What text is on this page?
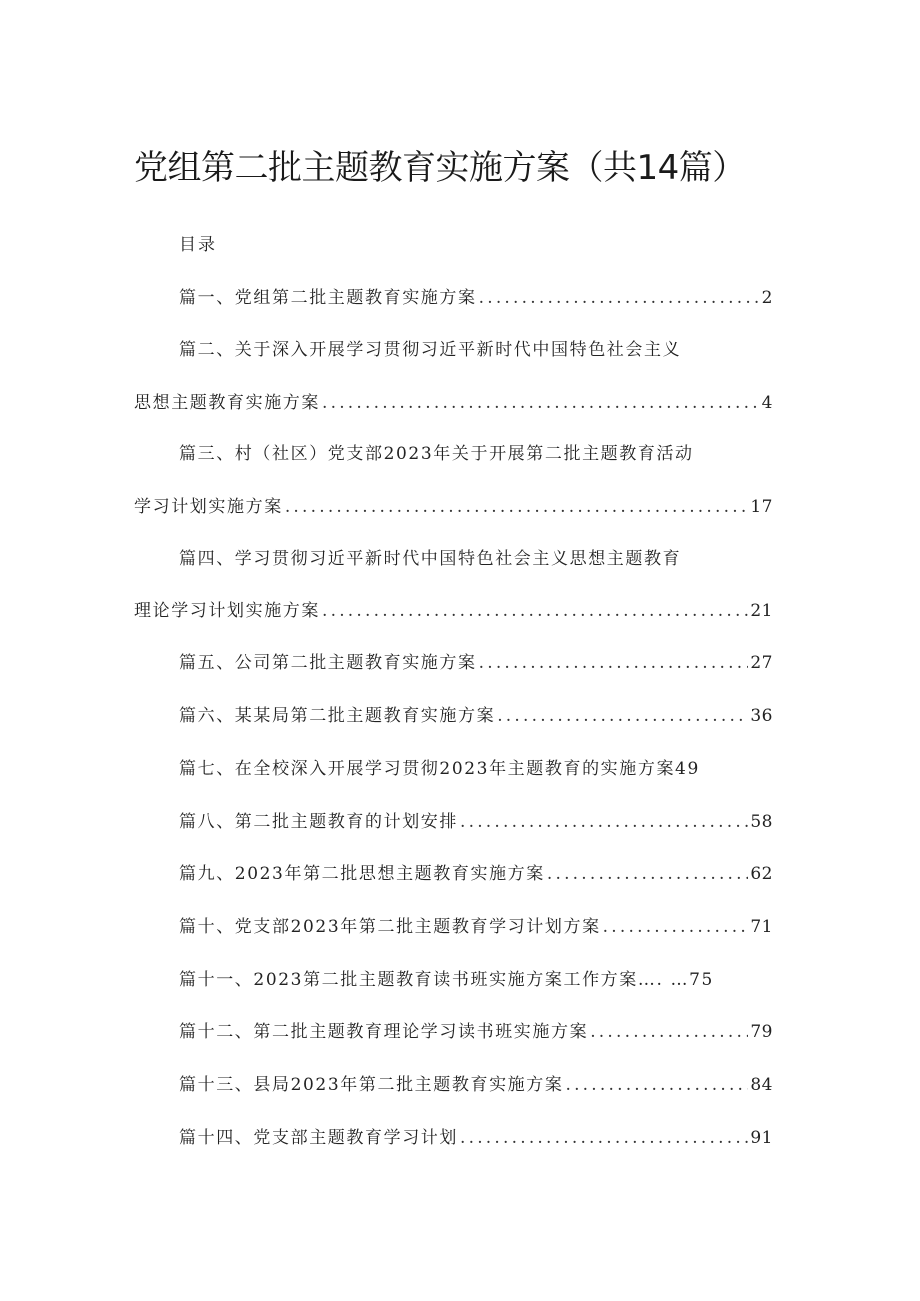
党组第二批主题教育实施方案（共14篇）
目录
篇一、党组第二批主题教育实施方案 .....	2
篇二、关于深入开展学习贯彻习近平新时代中国特色社会主义
思想主题教育实施方案 .....	4
篇三、村（社区）党支部2023年关于开展第二批主题教育活动
学习计划实施方案 .....	17
篇四、学习贯彻习近平新时代中国特色社会主义思想主题教育
理论学习计划实施方案 .....	21
篇五、公司第二批主题教育实施方案 .....	27
篇六、某某局第二批主题教育实施方案 .....	36
篇七、在全校深入开展学习贯彻2023年主题教育的实施方案49
篇八、第二批主题教育的计划安排 .....	58
篇九、2023年第二批思想主题教育实施方案 .....	62
篇十、党支部2023年第二批主题教育学习计划方案 .....	71
篇十一、2023第二批主题教育读书班实施方案工作方案…. …75
篇十二、第二批主题教育理论学习读书班实施方案 .....	79
篇十三、县局2023年第二批主题教育实施方案 .....	84
篇十四、党支部主题教育学习计划 .....	91
